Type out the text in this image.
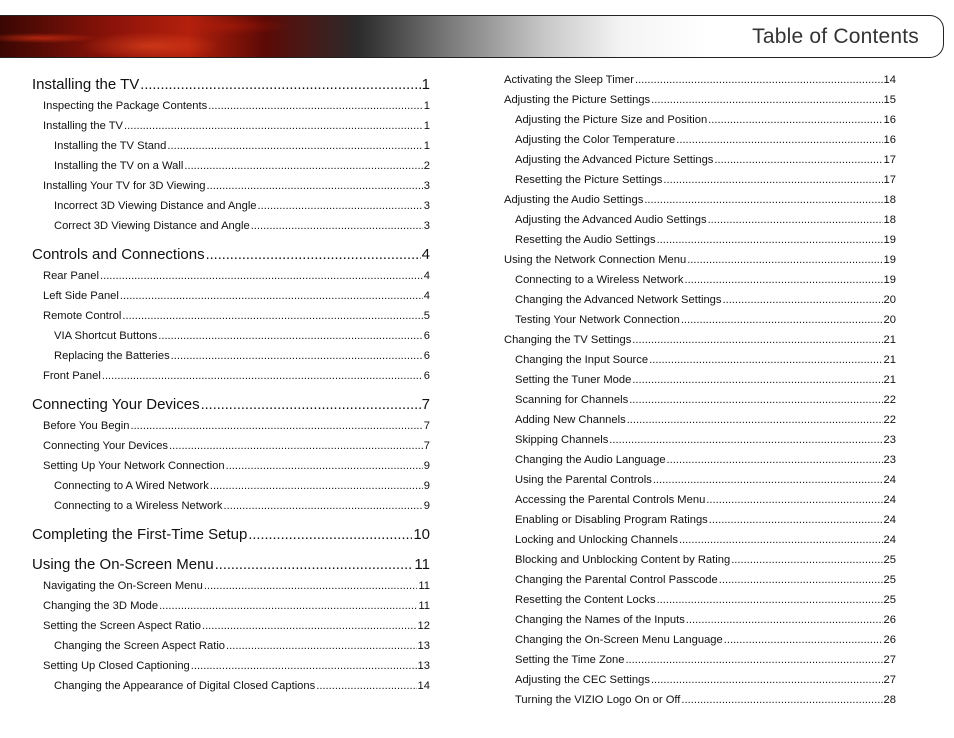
Table of Contents
Installing the TV .....	1
Inspecting the Package Contents .....	1
Installing the TV .....	1
Installing the TV Stand .....	1
Installing the TV on a Wall .....	2
Installing Your TV for 3D Viewing .....	3
Incorrect 3D Viewing Distance and Angle .....	3
Correct 3D Viewing Distance and Angle .....	3
Controls and Connections .....	4
Rear Panel .....	4
Left Side Panel .....	4
Remote Control .....	5
VIA Shortcut Buttons .....	6
Replacing the Batteries .....	6
Front Panel .....	6
Connecting Your Devices .....	7
Before You Begin .....	7
Connecting Your Devices .....	7
Setting Up Your Network Connection .....	9
Connecting to A Wired Network .....	9
Connecting to a Wireless Network .....	9
Completing the First-Time Setup .....	10
Using the On-Screen Menu .....	11
Navigating the On-Screen Menu .....	11
Changing the 3D Mode .....	11
Setting the Screen Aspect Ratio .....	12
Changing the Screen Aspect Ratio .....	13
Setting Up Closed Captioning .....	13
Changing the Appearance of Digital Closed Captions .....	14
Activating the Sleep Timer .....	14
Adjusting the Picture Settings .....	15
Adjusting the Picture Size and Position .....	16
Adjusting the Color Temperature .....	16
Adjusting the Advanced Picture Settings .....	17
Resetting the Picture Settings .....	17
Adjusting the Audio Settings .....	18
Adjusting the Advanced Audio Settings .....	18
Resetting the Audio Settings .....	19
Using the Network Connection Menu .....	19
Connecting to a Wireless Network .....	19
Changing the Advanced Network Settings .....	20
Testing Your Network Connection .....	20
Changing the TV Settings .....	21
Changing the Input Source .....	21
Setting the Tuner Mode .....	21
Scanning for Channels .....	22
Adding New Channels .....	22
Skipping Channels .....	23
Changing the Audio Language .....	23
Using the Parental Controls .....	24
Accessing the Parental Controls Menu .....	24
Enabling or Disabling Program Ratings .....	24
Locking and Unlocking Channels .....	24
Blocking and Unblocking Content by Rating .....	25
Changing the Parental Control Passcode .....	25
Resetting the Content Locks .....	25
Changing the Names of the Inputs .....	26
Changing the On-Screen Menu Language .....	26
Setting the Time Zone .....	27
Adjusting the CEC Settings .....	27
Turning the VIZIO Logo On or Off .....	28
